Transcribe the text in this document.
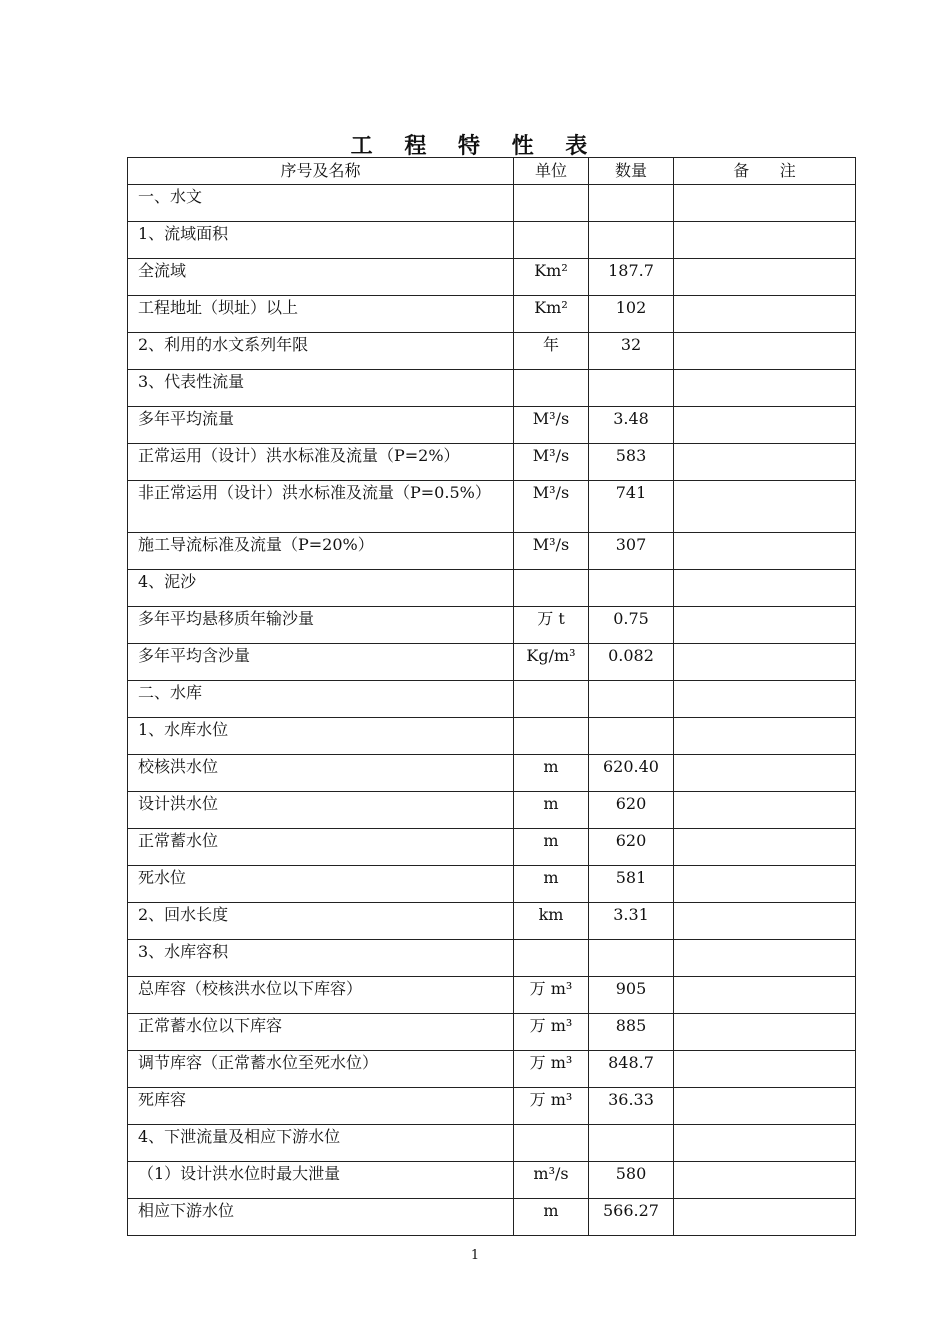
工 程 特 性 表
序号及名称	单位	数量	备      注
一、水文			
1、流域面积			
全流域	Km²	187.7	
工程地址（坝址）以上	Km²	102	
2、利用的水文系列年限	年	32	
3、代表性流量			
多年平均流量	M³/s	3.48	
正常运用（设计）洪水标准及流量（P=2%）	M³/s	583	
非正常运用（设计）洪水标准及流量（P=0.5%）	M³/s	741	
施工导流标准及流量（P=20%）	M³/s	307	
4、泥沙			
多年平均悬移质年输沙量	万 t	0.75	
多年平均含沙量	Kg/m³	0.082	
二、水库			
1、水库水位			
校核洪水位	m	620.40	
设计洪水位	m	620	
正常蓄水位	m	620	
死水位	m	581	
2、回水长度	km	3.31	
3、水库容积			
总库容（校核洪水位以下库容）	万 m³	905	
正常蓄水位以下库容	万 m³	885	
调节库容（正常蓄水位至死水位）	万 m³	848.7	
死库容	万 m³	36.33	
4、下泄流量及相应下游水位			
（1）设计洪水位时最大泄量	m³/s	580	
相应下游水位	m	566.27	
1
